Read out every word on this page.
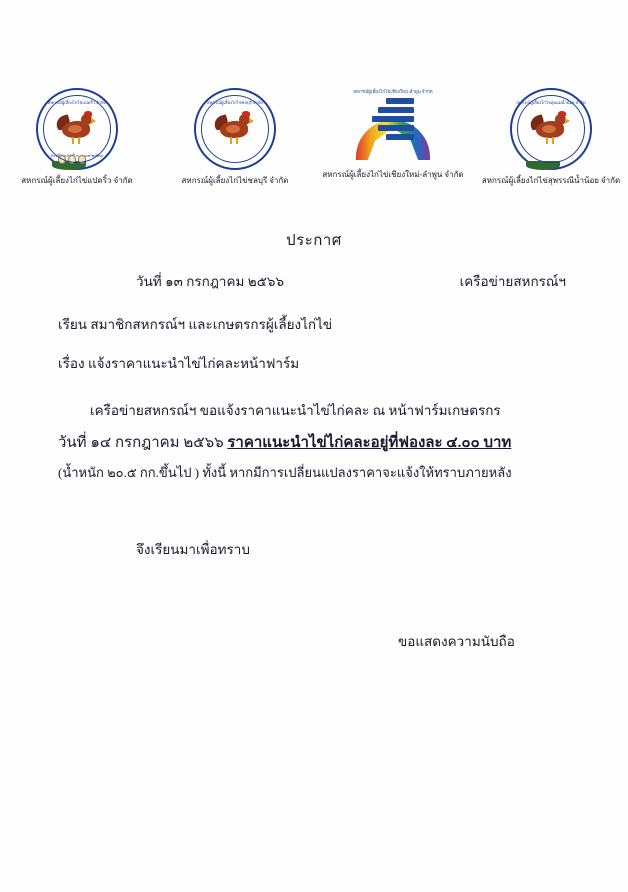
สหกรณ์ผู้เลี้ยงไก่ไข่แปดริ้ว จำกัด
ทะเบียนเลขที่ ๓ ๐๐๐๙/๒๕๓๐
สหกรณ์ผู้เลี้ยงไก่ไข่แปดริ้ว จำกัด
สหกรณ์ผู้เลี้ยงไก่ไข่ชลบุรี จำกัด
สหกรณ์ผู้เลี้ยงไก่ไข่ชลบุรี จำกัด
สหกรณ์ผู้เลี้ยงไก่ไข่เชียงใหม่-ลำพูน จำกัด
สหกรณ์ผู้เลี้ยงไก่ไข่เชียงใหม่-ลำพูน จำกัด
สหกรณ์ผู้เลี้ยงไก่ไข่ลุ่มแม่น้ำน้อย จำกัด
สหกรณ์ผู้เลี้ยงไก่ไข่สุพรรณีน้ำน้อย จำกัด
ประกาศ
วันที่ ๑๓ กรกฎาคม ๒๕๖๖	เครือข่ายสหกรณ์ฯ
เรียน สมาชิกสหกรณ์ฯ และเกษตรกรผู้เลี้ยงไก่ไข่
เรื่อง แจ้งราคาแนะนำไข่ไก่คละหน้าฟาร์ม
เครือข่ายสหกรณ์ฯ ขอแจ้งราคาแนะนำไข่ไก่คละ ณ หน้าฟาร์มเกษตรกร
วันที่ ๑๔ กรกฎาคม ๒๕๖๖ ราคาแนะนำไข่ไก่คละอยู่ที่ฟองละ ๔.๐๐ บาท
(น้ำหนัก ๒๐.๕ กก.ขึ้นไป ) ทั้งนี้ หากมีการเปลี่ยนแปลงราคาจะแจ้งให้ทราบภายหลัง
จึงเรียนมาเพื่อทราบ
ขอแสดงความนับถือ
